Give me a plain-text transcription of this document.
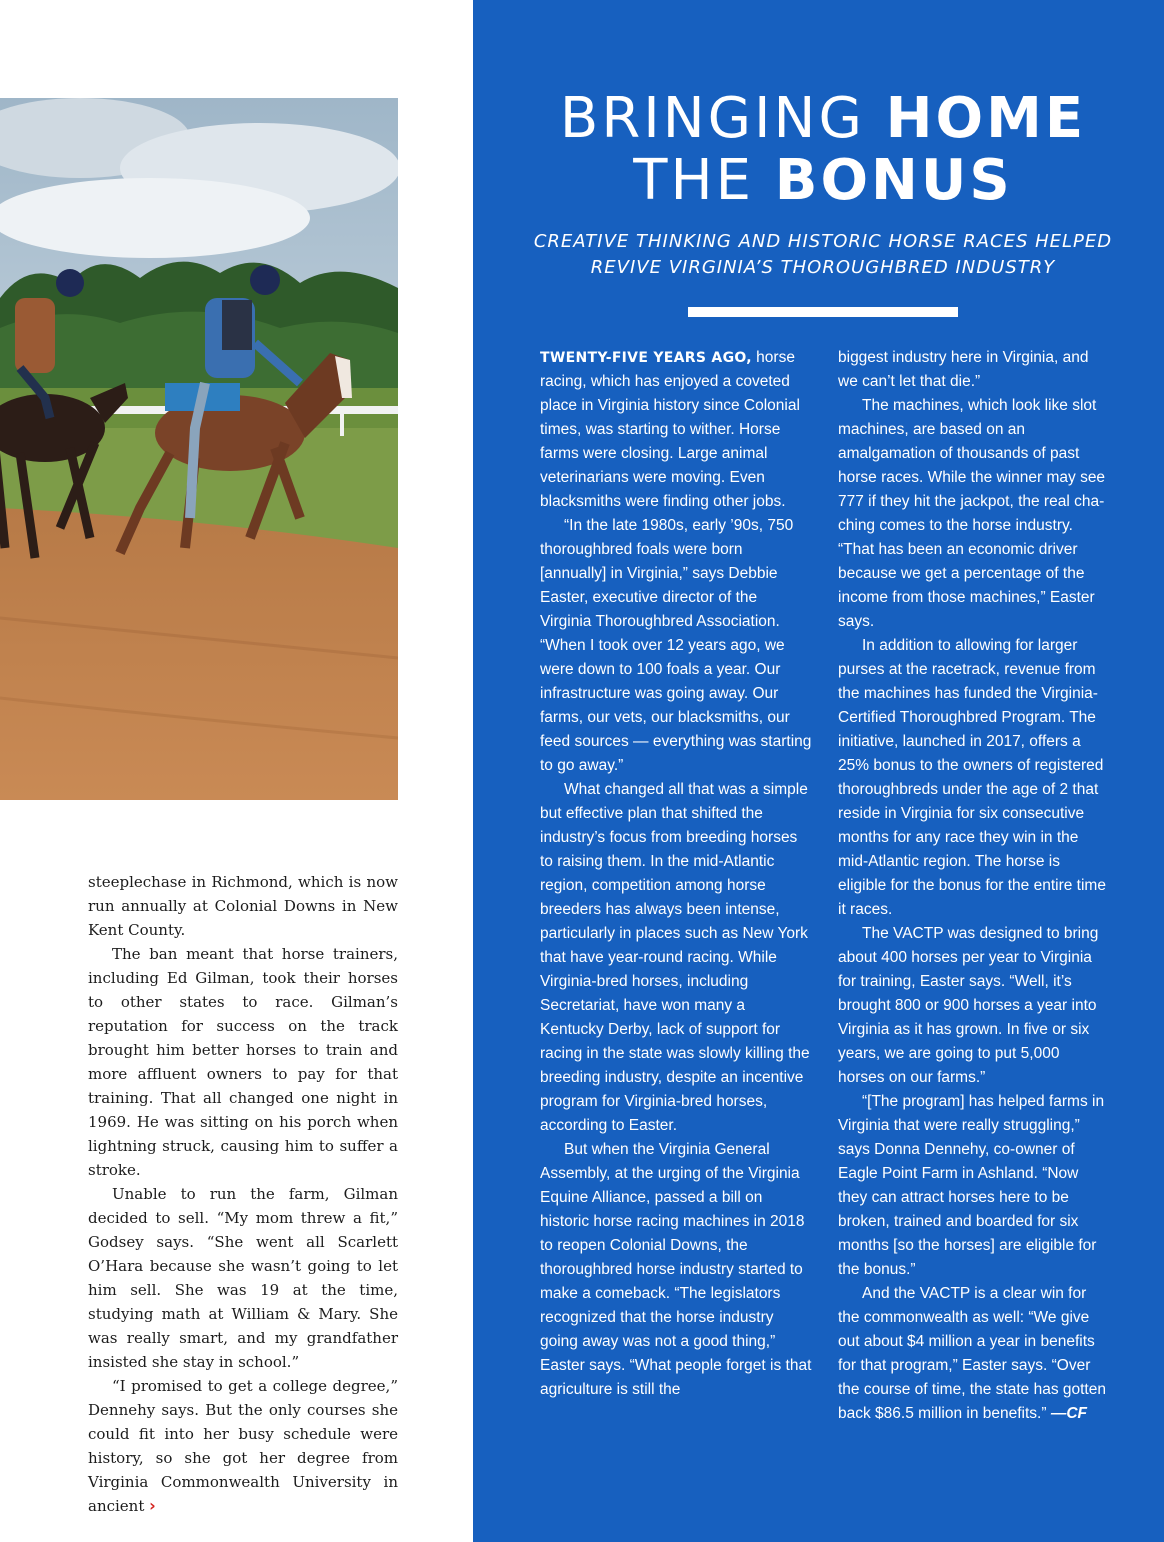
steeplechase in Richmond, which is now run annually at Colonial Downs in New Kent County.

The ban meant that horse trainers, including Ed Gilman, took their horses to other states to race. Gilman’s reputation for success on the track brought him better horses to train and more affluent owners to pay for that training. That all changed one night in 1969. He was sitting on his porch when lightning struck, causing him to suffer a stroke.

Unable to run the farm, Gilman decided to sell. “My mom threw a fit,” Godsey says. “She went all Scarlett O’Hara because she wasn’t going to let him sell. She was 19 at the time, studying math at William & Mary. She was really smart, and my grandfather insisted she stay in school.”

“I promised to get a college degree,” Dennehy says. But the only courses she could fit into her busy schedule were history, so she got her degree from Virginia Commonwealth University in ancient ›

BRINGING HOME
THE BONUS
CREATIVE THINKING AND HISTORIC HORSE RACES HELPED
REVIVE VIRGINIA’S THOROUGHBRED INDUSTRY

TWENTY-FIVE YEARS AGO, horse racing, which has enjoyed a coveted place in Virginia history since Colonial times, was starting to wither. Horse farms were closing. Large animal veterinarians were moving. Even blacksmiths were finding other jobs.

“In the late 1980s, early ’90s, 750 thoroughbred foals were born [annually] in Virginia,” says Debbie Easter, executive director of the Virginia Thoroughbred Association. “When I took over 12 years ago, we were down to 100 foals a year. Our infrastructure was going away. Our farms, our vets, our blacksmiths, our feed sources — everything was starting to go away.”

What changed all that was a simple but effective plan that shifted the industry’s focus from breeding horses to raising them. In the mid-Atlantic region, competition among horse breeders has always been intense, particularly in places such as New York that have year-round racing. While Virginia-bred horses, including Secretariat, have won many a Kentucky Derby, lack of support for racing in the state was slowly killing the breeding industry, despite an incentive program for Virginia-bred horses, according to Easter.

But when the Virginia General Assembly, at the urging of the Virginia Equine Alliance, passed a bill on historic horse racing machines in 2018 to reopen Colonial Downs, the thoroughbred horse industry started to make a comeback. “The legislators recognized that the horse industry going away was not a good thing,” Easter says. “What people forget is that agriculture is still the

biggest industry here in Virginia, and we can’t let that die.”

The machines, which look like slot machines, are based on an amalgamation of thousands of past horse races. While the winner may see 777 if they hit the jackpot, the real cha-ching comes to the horse industry. “That has been an economic driver because we get a percentage of the income from those machines,” Easter says.

In addition to allowing for larger purses at the racetrack, revenue from the machines has funded the Virginia-Certified Thoroughbred Program. The initiative, launched in 2017, offers a 25% bonus to the owners of registered thoroughbreds under the age of 2 that reside in Virginia for six consecutive months for any race they win in the mid-Atlantic region. The horse is eligible for the bonus for the entire time it races.

The VACTP was designed to bring about 400 horses per year to Virginia for training, Easter says. “Well, it’s brought 800 or 900 horses a year into Virginia as it has grown. In five or six years, we are going to put 5,000 horses on our farms.”

“[The program] has helped farms in Virginia that were really struggling,” says Donna Dennehy, co-owner of Eagle Point Farm in Ashland. “Now they can attract horses here to be broken, trained and boarded for six months [so the horses] are eligible for the bonus.”

And the VACTP is a clear win for the commonwealth as well: “We give out about $4 million a year in benefits for that program,” Easter says. “Over the course of time, the state has gotten back $86.5 million in benefits.” —CF
